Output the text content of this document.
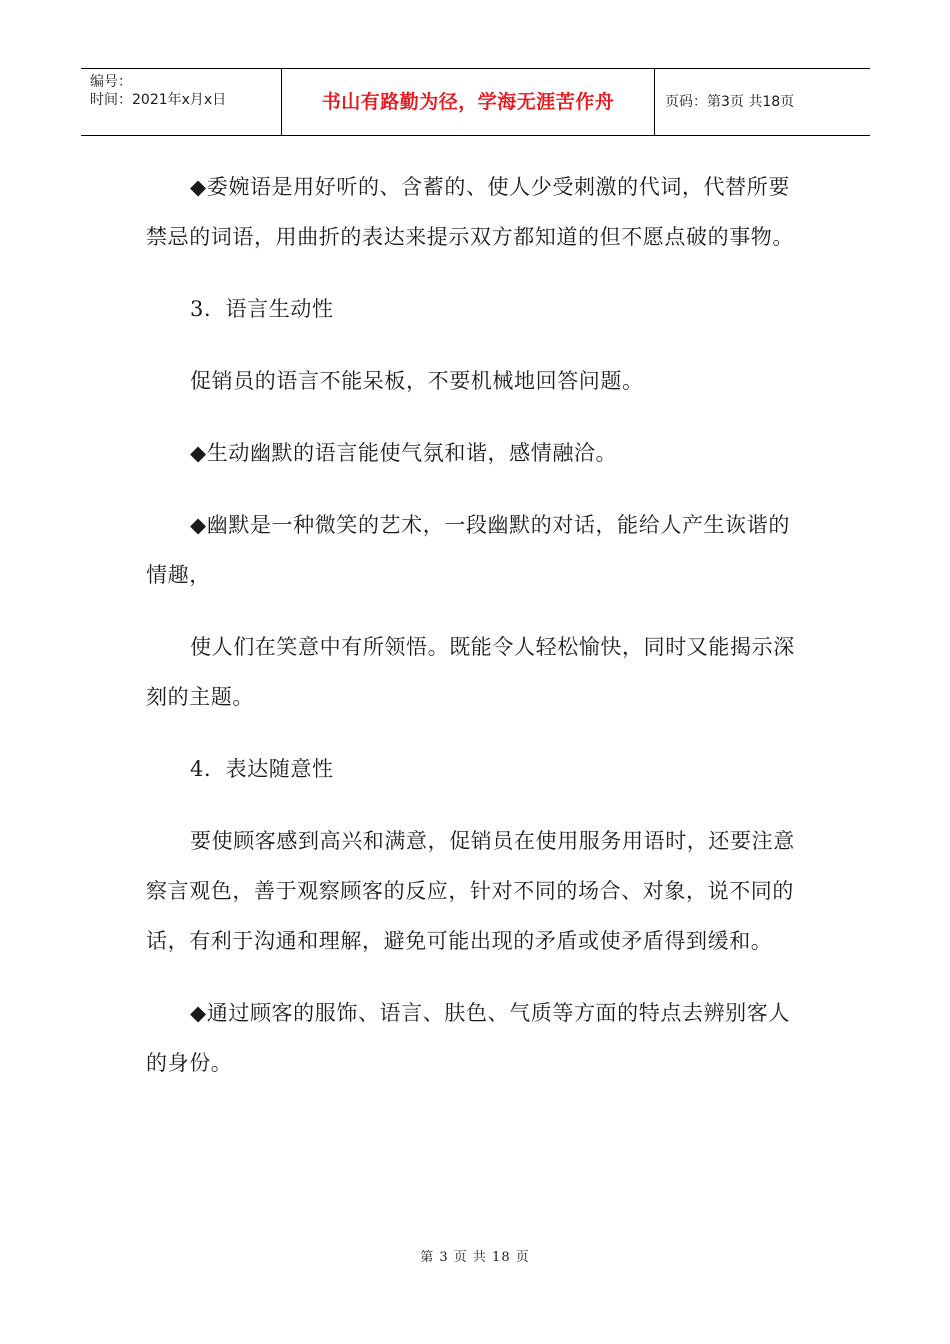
编号：
时间：2021年x月x日	书山有路勤为径，学海无涯苦作舟	页码：第3页 共18页

◆委婉语是用好听的、含蓄的、使人少受刺激的代词，代替所要禁忌的词语，用曲折的表达来提示双方都知道的但不愿点破的事物。

3．语言生动性

促销员的语言不能呆板，不要机械地回答问题。

◆生动幽默的语言能使气氛和谐，感情融洽。

◆幽默是一种微笑的艺术，一段幽默的对话，能给人产生诙谐的情趣，

使人们在笑意中有所领悟。既能令人轻松愉快，同时又能揭示深刻的主题。

4．表达随意性

要使顾客感到高兴和满意，促销员在使用服务用语时，还要注意察言观色，善于观察顾客的反应，针对不同的场合、对象，说不同的话，有利于沟通和理解，避免可能出现的矛盾或使矛盾得到缓和。

◆通过顾客的服饰、语言、肤色、气质等方面的特点去辨别客人的身份。

第 3 页 共 18 页
